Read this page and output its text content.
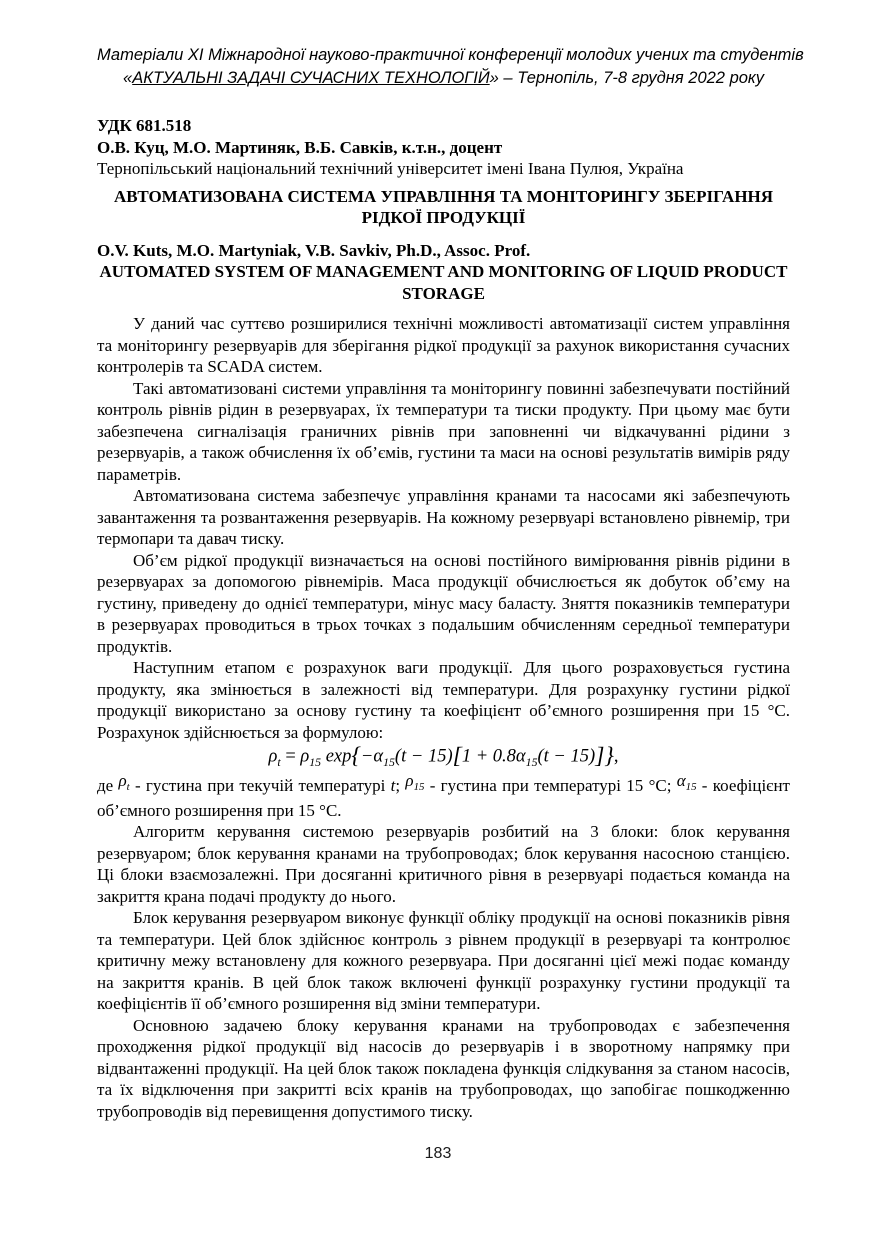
Матеріали XI Міжнародної науково-практичної конференції молодих учених та студентів
«АКТУАЛЬНІ ЗАДАЧІ СУЧАСНИХ ТЕХНОЛОГІЙ» – Тернопіль, 7-8 грудня 2022 року
УДК 681.518
О.В. Куц, М.О. Мартиняк, В.Б. Савків, к.т.н., доцент
Тернопільський національний технічний університет імені Івана Пулюя, Україна
АВТОМАТИЗОВАНА СИСТЕМА УПРАВЛІННЯ ТА МОНІТОРИНГУ ЗБЕРІГАННЯ РІДКОЇ ПРОДУКЦІЇ
O.V. Kuts, M.O. Martyniak, V.B. Savkiv, Ph.D., Assoc. Prof.
AUTOMATED SYSTEM OF MANAGEMENT AND MONITORING OF LIQUID PRODUCT STORAGE

У даний час суттєво розширилися технічні можливості автоматизації систем управління та моніторингу резервуарів для зберігання рідкої продукції за рахунок використання сучасних контролерів та SCADA систем.

Такі автоматизовані системи управління та моніторингу повинні забезпечувати постійний контроль рівнів рідин в резервуарах, їх температури та тиски продукту. При цьому має бути забезпечена сигналізація граничних рівнів при заповненні чи відкачуванні рідини з резервуарів, а також обчислення їх об’ємів, густини та маси на основі результатів вимірів ряду параметрів.

Автоматизована система забезпечує управління кранами та насосами які забезпечують завантаження та розвантаження резервуарів. На кожному резервуарі встановлено рівнемір, три термопари та давач тиску.

Об’єм рідкої продукції визначається на основі постійного вимірювання рівнів рідини в резервуарах за допомогою рівнемірів. Маса продукції обчислюється як добуток об’єму на густину, приведену до однієї температури, мінус масу баласту. Зняття показників температури в резервуарах проводиться в трьох точках з подальшим обчисленням середньої температури продуктів.

Наступним етапом є розрахунок ваги продукції. Для цього розраховується густина продукту, яка змінюється в залежності від температури. Для розрахунку густини рідкої продукції використано за основу густину та коефіцієнт об’ємного розширення при 15 °С. Розрахунок здійснюється за формулою:

$\rho_t = \rho_{15}$ $\exp\{-\alpha_{15}(t - 15)[1 + 0.8\alpha_{15}(t - 15)]\}$,

де ρt - густина при текучій температурі t; ρ15 - густина при температурі 15 °С; α15 - коефіцієнт об’ємного розширення при 15 °С.

Алгоритм керування системою резервуарів розбитий на 3 блоки: блок керування резервуаром; блок керування кранами на трубопроводах; блок керування насосною станцією. Ці блоки взаємозалежні. При досяганні критичного рівня в резервуарі подається команда на закриття крана подачі продукту до нього.

Блок керування резервуаром виконує функції обліку продукції на основі показників рівня та температури. Цей блок здійснює контроль з рівнем продукції в резервуарі та контролює критичну межу встановлену для кожного резервуара. При досяганні цієї межі подає команду на закриття кранів. В цей блок також включені функції розрахунку густини продукції та коефіцієнтів її об’ємного розширення від зміни температури.

Основною задачею блоку керування кранами на трубопроводах є забезпечення проходження рідкої продукції від насосів до резервуарів і в зворотному напрямку при відвантаженні продукції. На цей блок також покладена функція слідкування за станом насосів, та їх відключення при закритті всіх кранів на трубопроводах, що запобігає пошкодженню трубопроводів від перевищення допустимого тиску.

183
